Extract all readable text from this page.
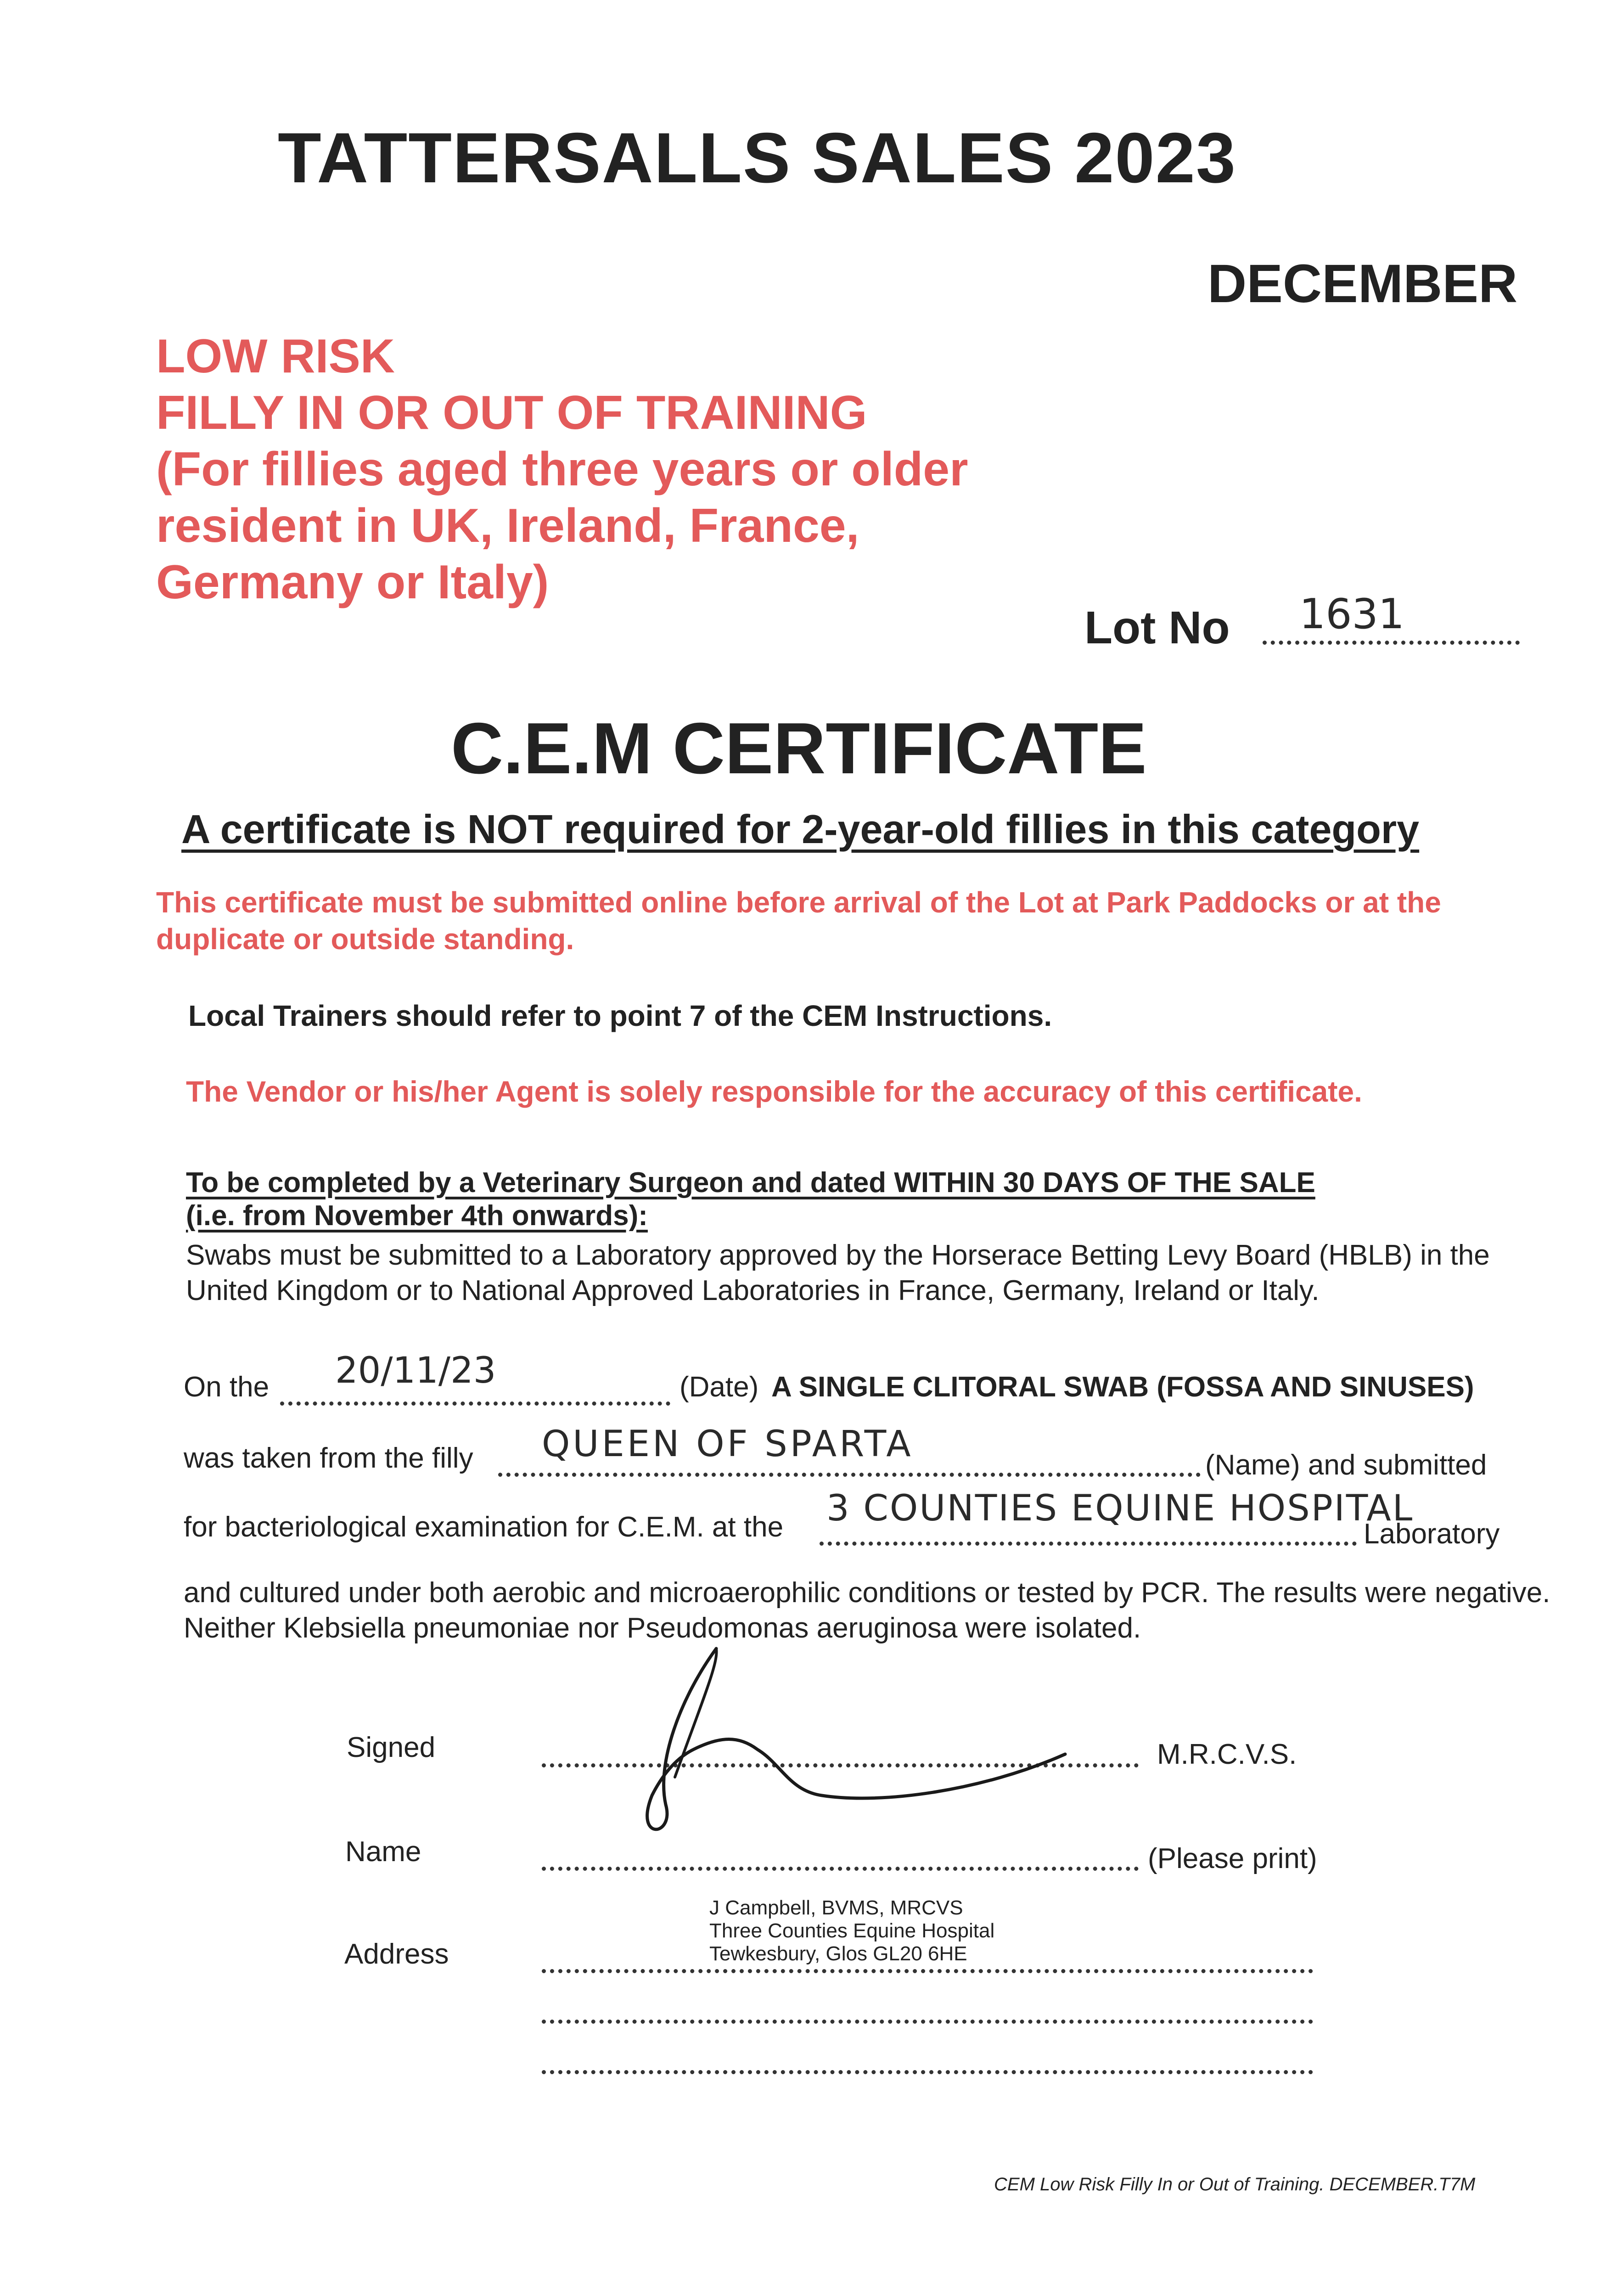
TATTERSALLS SALES 2023
DECEMBER
LOW RISK
FILLY IN OR OUT OF TRAINING
(For fillies aged three years or older
resident in UK, Ireland, France,
Germany or Italy)
Lot No 1631
C.E.M CERTIFICATE
A certificate is NOT required for 2-year-old fillies in this category
This certificate must be submitted online before arrival of the Lot at Park Paddocks or at the duplicate or outside standing.
Local Trainers should refer to point 7 of the CEM Instructions.
The Vendor or his/her Agent is solely responsible for the accuracy of this certificate.
To be completed by a Veterinary Surgeon and dated WITHIN 30 DAYS OF THE SALE
(i.e. from November 4th onwards):
Swabs must be submitted to a Laboratory approved by the Horserace Betting Levy Board (HBLB) in the United Kingdom or to National Approved Laboratories in France, Germany, Ireland or Italy.
On the 20/11/23	(Date) A SINGLE CLITORAL SWAB (FOSSA AND SINUSES)
was taken from the filly QUEEN OF SPARTA
(Name) and submitted
for bacteriological examination for C.E.M. at the 3 COUNTIES EQUINE HOSPITAL
Laboratory
and cultured under both aerobic and microaerophilic conditions or tested by PCR. The results were negative. Neither Klebsiella pneumoniae nor Pseudomonas aeruginosa were isolated.
Signed	M.R.C.V.S.
Name	(Please print)
Address
J Campbell, BVMS, MRCVS
Three Counties Equine Hospital
Tewkesbury, Glos GL20 6HE
CEM Low Risk Filly In or Out of Training. DECEMBER.T7M
